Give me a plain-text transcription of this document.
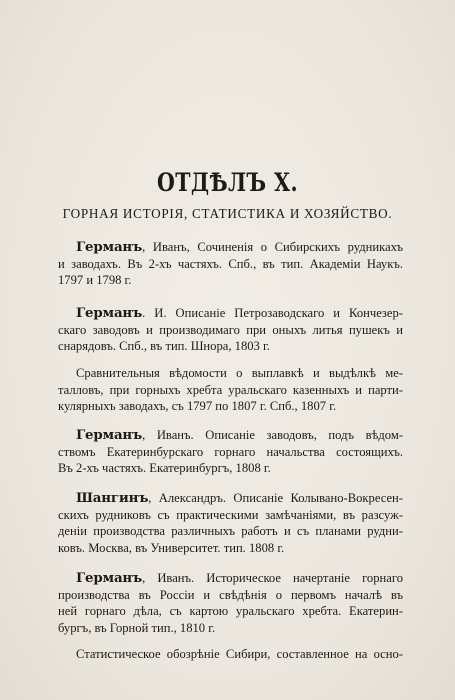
ОТДѢЛЪ X.
ГОРНАЯ ИСТОРІЯ, СТАТИСТИКА И ХОЗЯЙСТВО.
Германъ, Иванъ, Сочиненія о Сибирскихъ рудникахъ
и заводахъ. Въ 2-хъ частяхъ. Спб., въ тип. Академіи Наукъ.
1797 и 1798 г.
Германъ. И. Описаніе Петрозаводскаго и Кончезер-
скаго заводовъ и производимаго при оныхъ литья пушекъ и
снарядовъ. Спб., въ тип. Шнора, 1803 г.
Сравнительныя вѣдомости о выплавкѣ и выдѣлкѣ ме-
талловъ, при горныхъ хребта уральскаго казенныхъ и парти-
кулярныхъ заводахъ, съ 1797 по 1807 г. Спб., 1807 г.
Германъ, Иванъ. Описаніе заводовъ, подъ вѣдом-
ствомъ Екатеринбурскаго горнаго начальства состоящихъ.
Въ 2-хъ частяхъ. Екатеринбургъ, 1808 г.
Шангинъ, Александръ. Описаніе Колывано-Вокресен-
скихъ рудниковъ съ практическими замѣчаніями, въ разсуж-
деніи производства различныхъ работъ и съ планами рудни-
ковъ. Москва, въ Университет. тип. 1808 г.
Германъ, Иванъ. Историческое начертаніе горнаго
производства въ Россіи и свѣдѣнія о первомъ началѣ въ
ней горнаго дѣла, съ картою уральскаго хребта. Екатерин-
бургъ, въ Горной тип., 1810 г.
Статистическое обозрѣніе Сибири, составленное на осно-
